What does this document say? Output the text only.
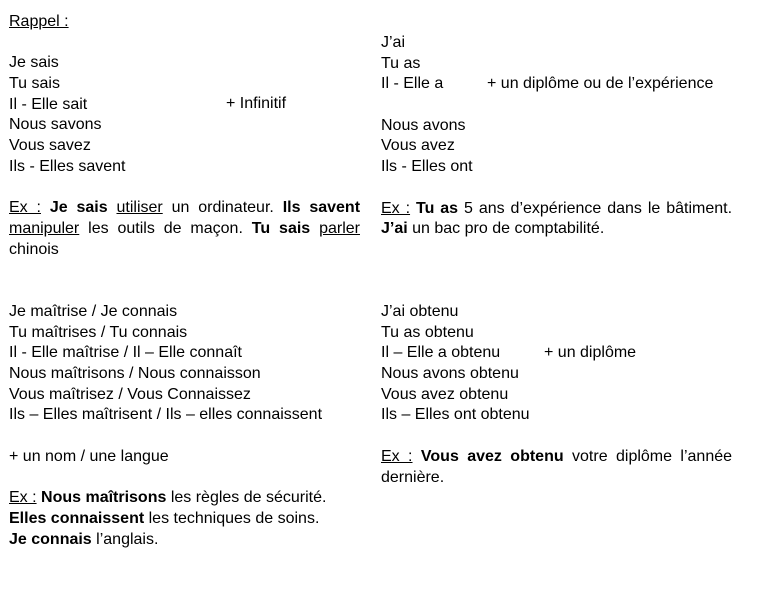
Rappel :
Je sais
Tu sais
Il - Elle sait
Nous savons
Vous savez
Ils - Elles savent
Ex : Je sais utiliser un ordinateur. Ils savent manipuler les outils de maçon. Tu sais parler chinois
+ Infinitif
J’ai
Tu as
Il - Elle a	+ un diplôme ou de l’expérience
Nous avons
Vous avez
Ils - Elles ont
Ex : Tu as 5 ans d’expérience dans le bâtiment. J’ai un bac pro de comptabilité.
Je maîtrise / Je connais
Tu maîtrises / Tu connais
Il - Elle maîtrise / Il – Elle connaît
Nous maîtrisons / Nous connaisson
Vous maîtrisez / Vous Connaissez
Ils – Elles maîtrisent / Ils – elles connaissent
+ un nom / une langue
Ex : Nous maîtrisons les règles de sécurité.
Elles connaissent les techniques de soins.
Je connais l’anglais.
J’ai obtenu
Tu as obtenu
Il – Elle a obtenu	+ un diplôme
Nous avons obtenu
Vous avez obtenu
Ils – Elles ont obtenu
Ex : Vous avez obtenu votre diplôme l’année dernière.
